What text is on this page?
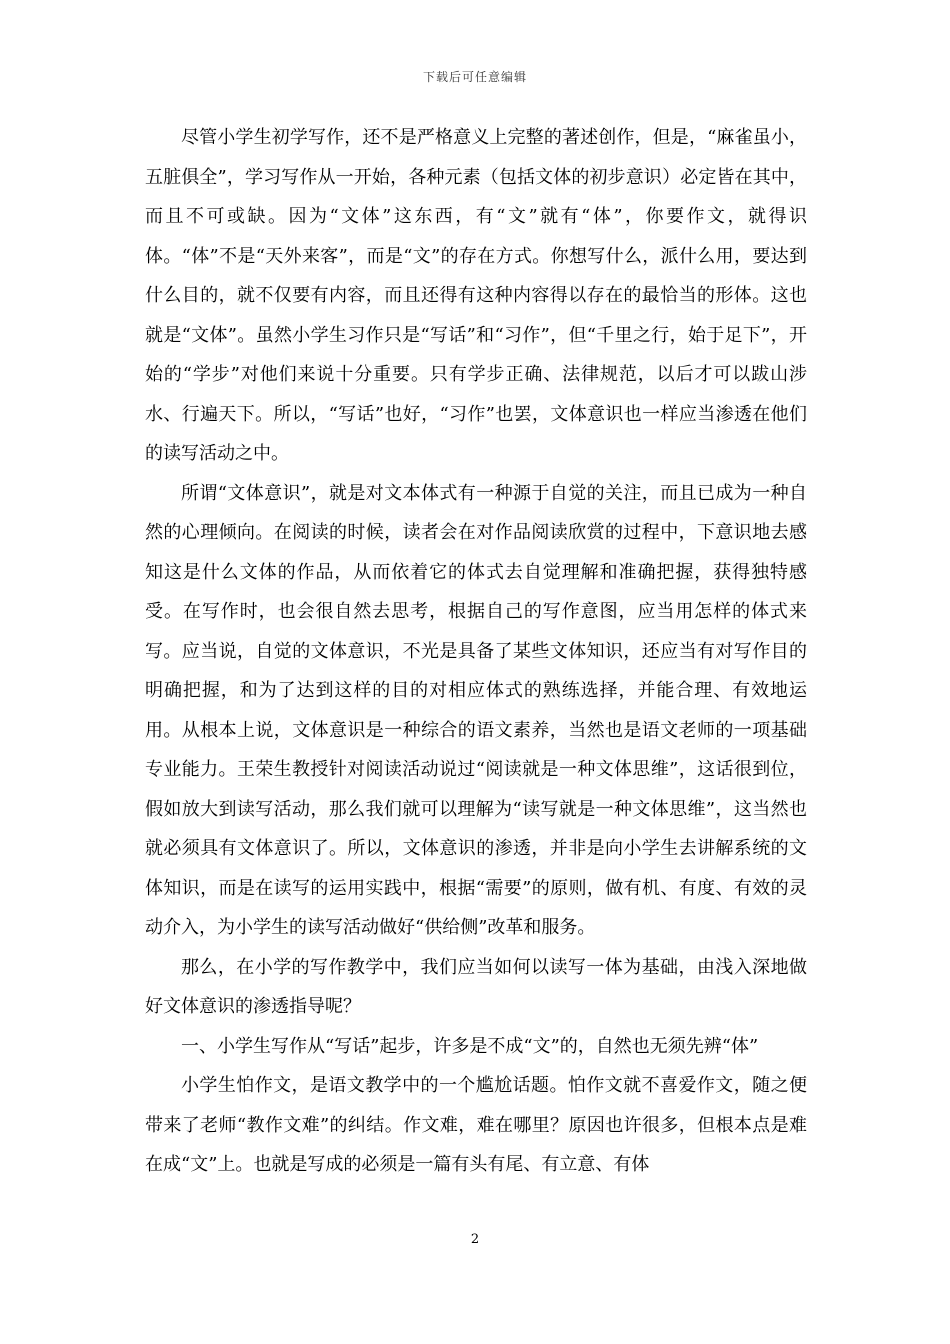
下载后可任意编辑

尽管小学生初学写作，还不是严格意义上完整的著述创作，但是，“麻雀虽小，五脏俱全”，学习写作从一开始，各种元素（包括文体的初步意识）必定皆在其中，而且不可或缺。因为“文体”这东西，有“文”就有“体”，你要作文，就得识体。“体”不是“天外来客”，而是“文”的存在方式。你想写什么，派什么用，要达到什么目的，就不仅要有内容，而且还得有这种内容得以存在的最恰当的形体。这也就是“文体”。虽然小学生习作只是“写话”和“习作”，但“千里之行，始于足下”，开始的“学步”对他们来说十分重要。只有学步正确、法律规范，以后才可以跋山涉水、行遍天下。所以，“写话”也好，“习作”也罢，文体意识也一样应当渗透在他们的读写活动之中。

所谓“文体意识”，就是对文本体式有一种源于自觉的关注，而且已成为一种自然的心理倾向。在阅读的时候，读者会在对作品阅读欣赏的过程中，下意识地去感知这是什么文体的作品，从而依着它的体式去自觉理解和准确把握，获得独特感受。在写作时，也会很自然去思考，根据自己的写作意图，应当用怎样的体式来写。应当说，自觉的文体意识，不光是具备了某些文体知识，还应当有对写作目的明确把握，和为了达到这样的目的对相应体式的熟练选择，并能合理、有效地运用。从根本上说，文体意识是一种综合的语文素养，当然也是语文老师的一项基础专业能力。王荣生教授针对阅读活动说过“阅读就是一种文体思维”，这话很到位，假如放大到读写活动，那么我们就可以理解为“读写就是一种文体思维”，这当然也就必须具有文体意识了。所以，文体意识的渗透，并非是向小学生去讲解系统的文体知识，而是在读写的运用实践中，根据“需要”的原则，做有机、有度、有效的灵动介入，为小学生的读写活动做好“供给侧”改革和服务。

那么，在小学的写作教学中，我们应当如何以读写一体为基础，由浅入深地做好文体意识的渗透指导呢？

一、小学生写作从“写话”起步，许多是不成“文”的，自然也无须先辨“体”

小学生怕作文，是语文教学中的一个尴尬话题。怕作文就不喜爱作文，随之便带来了老师“教作文难”的纠结。作文难，难在哪里？原因也许很多，但根本点是难在成“文”上。也就是写成的必须是一篇有头有尾、有立意、有体

2
